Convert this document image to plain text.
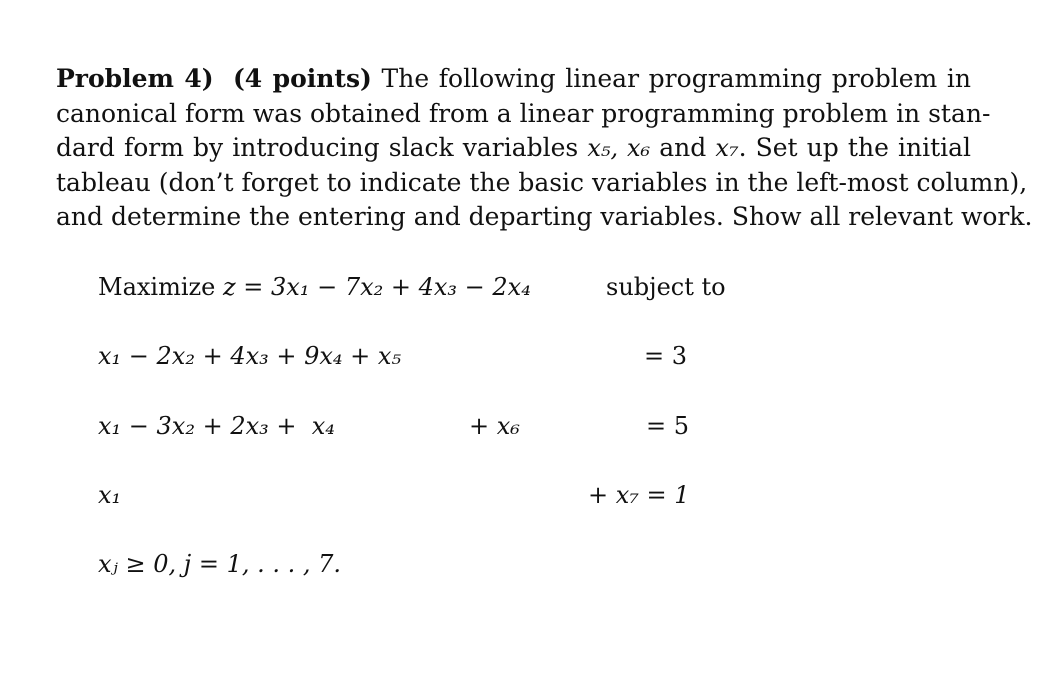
Problem 4) (4 points) The following linear programming problem in

canonical form was obtained from a linear programming problem in stan-

dard form by introducing slack variables x₅, x₆ and x₇. Set up the initial

tableau (don’t forget to indicate the basic variables in the left-most column),

and determine the entering and departing variables. Show all relevant work.

Maximize z = 3x₁ − 7x₂ + 4x₃ − 2x₄	subject to
x₁ − 2x₂ + 4x₃ + 9x₄ + x₅	= 3
x₁ − 3x₂ + 2x₃ +  x₄	+ x₆	= 5
x₁	+ x₇ = 1
xⱼ ≥ 0, j = 1, . . . , 7.
